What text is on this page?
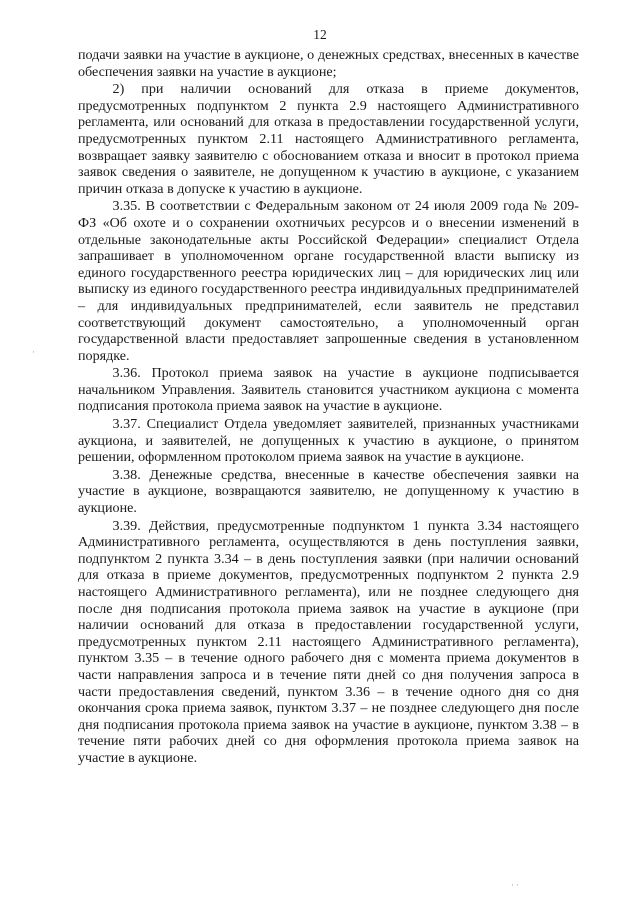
12

подачи заявки на участие в аукционе, о денежных средствах, внесенных в качестве обеспечения заявки на участие в аукционе;

2) при наличии оснований для отказа в приеме документов, предусмотренных подпунктом 2 пункта 2.9 настоящего Административного регламента, или оснований для отказа в предоставлении государственной услуги, предусмотренных пунктом 2.11 настоящего Административного регламента, возвращает заявку заявителю с обоснованием отказа и вносит в протокол приема заявок сведения о заявителе, не допущенном к участию в аукционе, с указанием причин отказа в допуске к участию в аукционе.

3.35. В соответствии с Федеральным законом от 24 июля 2009 года № 209-ФЗ «Об охоте и о сохранении охотничьих ресурсов и о внесении изменений в отдельные законодательные акты Российской Федерации» специалист Отдела запрашивает в уполномоченном органе государственной власти выписку из единого государственного реестра юридических лиц – для юридических лиц или выписку из единого государственного реестра индивидуальных предпринимателей – для индивидуальных предпринимателей, если заявитель не представил соответствующий документ самостоятельно, а уполномоченный орган государственной власти предоставляет запрошенные сведения в установленном порядке.

3.36. Протокол приема заявок на участие в аукционе подписывается начальником Управления. Заявитель становится участником аукциона с момента подписания протокола приема заявок на участие в аукционе.

3.37. Специалист Отдела уведомляет заявителей, признанных участниками аукциона, и заявителей, не допущенных к участию в аукционе, о принятом решении, оформленном протоколом приема заявок на участие в аукционе.

3.38. Денежные средства, внесенные в качестве обеспечения заявки на участие в аукционе, возвращаются заявителю, не допущенному к участию в аукционе.

3.39. Действия, предусмотренные подпунктом 1 пункта 3.34 настоящего Административного регламента, осуществляются в день поступления заявки, подпунктом 2 пункта 3.34 – в день поступления заявки (при наличии оснований для отказа в приеме документов, предусмотренных подпунктом 2 пункта 2.9 настоящего Административного регламента), или не позднее следующего дня после дня подписания протокола приема заявок на участие в аукционе (при наличии оснований для отказа в предоставлении государственной услуги, предусмотренных пунктом 2.11 настоящего Административного регламента), пунктом 3.35 – в течение одного рабочего дня с момента приема документов в части направления запроса и в течение пяти дней со дня получения запроса в части предоставления сведений, пунктом 3.36 – в течение одного дня со дня окончания срока приема заявок, пунктом 3.37 – не позднее следующего дня после дня подписания протокола приема заявок на участие в аукционе, пунктом 3.38 – в течение пяти рабочих дней со дня оформления протокола приема заявок на участие в аукционе.

·
· ·
